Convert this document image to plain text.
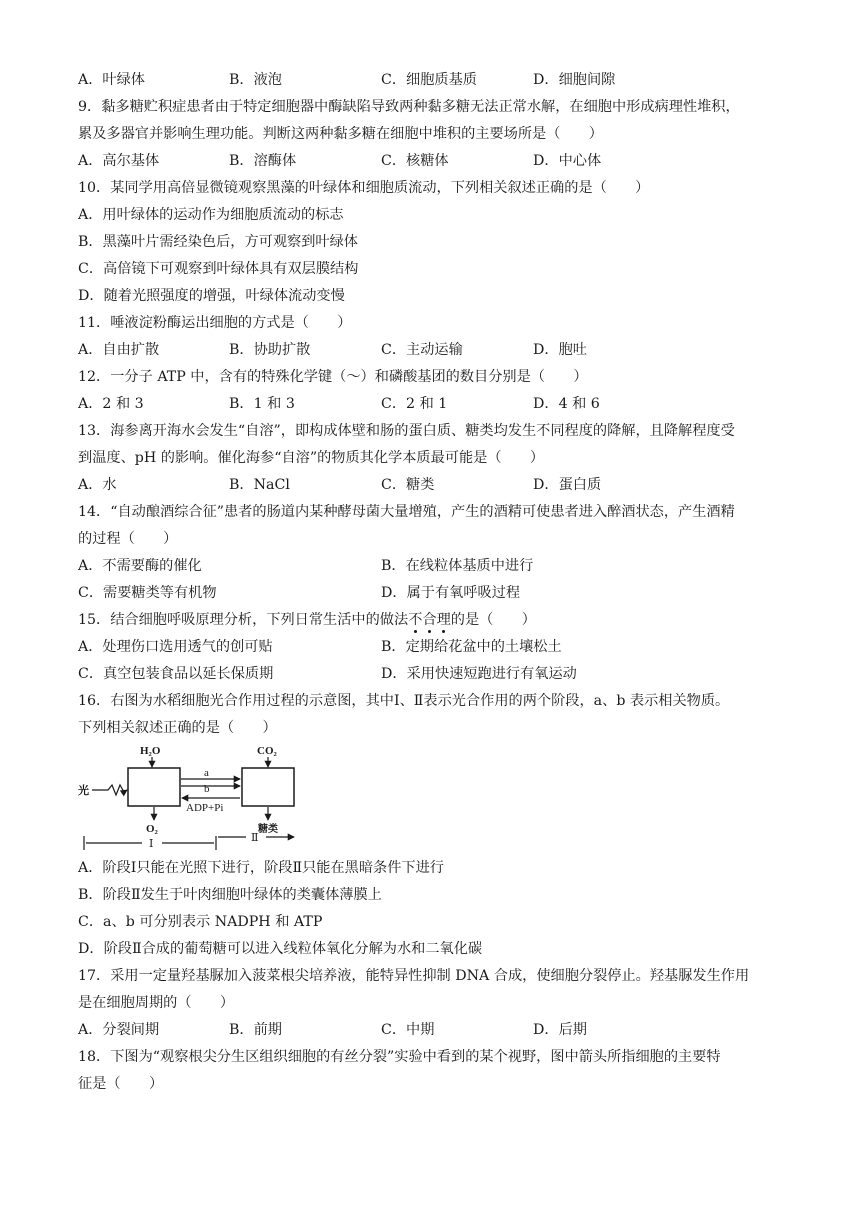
A．叶绿体	B．液泡	C．细胞质基质	D．细胞间隙
9．黏多糖贮积症患者由于特定细胞器中酶缺陷导致两种黏多糖无法正常水解，在细胞中形成病理性堆积，
累及多器官并影响生理功能。判断这两种黏多糖在细胞中堆积的主要场所是（　　）
A．高尔基体	B．溶酶体	C．核糖体	D．中心体
10．某同学用高倍显微镜观察黑藻的叶绿体和细胞质流动，下列相关叙述正确的是（　　）
A．用叶绿体的运动作为细胞质流动的标志
B．黑藻叶片需经染色后，方可观察到叶绿体
C．高倍镜下可观察到叶绿体具有双层膜结构
D．随着光照强度的增强，叶绿体流动变慢
11．唾液淀粉酶运出细胞的方式是（　　）
A．自由扩散	B．协助扩散	C．主动运输	D．胞吐
12．一分子 ATP 中，含有的特殊化学键（～）和磷酸基团的数目分别是（　　）
A．2 和 3	B．1 和 3	C．2 和 1	D．4 和 6
13．海参离开海水会发生“自溶”，即构成体壁和肠的蛋白质、糖类均发生不同程度的降解，且降解程度受
到温度、pH 的影响。催化海参“自溶”的物质其化学本质最可能是（　　）
A．水	B．NaCl	C．糖类	D．蛋白质
14．“自动酿酒综合征”患者的肠道内某种酵母菌大量增殖，产生的酒精可使患者进入醉酒状态，产生酒精
的过程（　　）
A．不需要酶的催化	B．在线粒体基质中进行
C．需要糖类等有机物	D．属于有氧呼吸过程
15．结合细胞呼吸原理分析，下列日常生活中的做法不合理的是（　　）
A．处理伤口选用透气的创可贴	B．定期给花盆中的土壤松土
C．真空包装食品以延长保质期	D．采用快速短跑进行有氧运动
16．右图为水稻细胞光合作用过程的示意图，其中Ⅰ、Ⅱ表示光合作用的两个阶段，a、b 表示相关物质。
下列相关叙述正确的是（　　）
H₂O	CO₂
光
a
b
ADP+Pi
O₂	糖类
Ⅰ	Ⅱ
A．阶段Ⅰ只能在光照下进行，阶段Ⅱ只能在黑暗条件下进行
B．阶段Ⅱ发生于叶肉细胞叶绿体的类囊体薄膜上
C．a、b 可分别表示 NADPH 和 ATP
D．阶段Ⅱ合成的葡萄糖可以进入线粒体氧化分解为水和二氧化碳
17．采用一定量羟基脲加入菠菜根尖培养液，能特异性抑制 DNA 合成，使细胞分裂停止。羟基脲发生作用
是在细胞周期的（　　）
A．分裂间期	B．前期	C．中期	D．后期
18．下图为“观察根尖分生区组织细胞的有丝分裂”实验中看到的某个视野，图中箭头所指细胞的主要特
征是（　　）
